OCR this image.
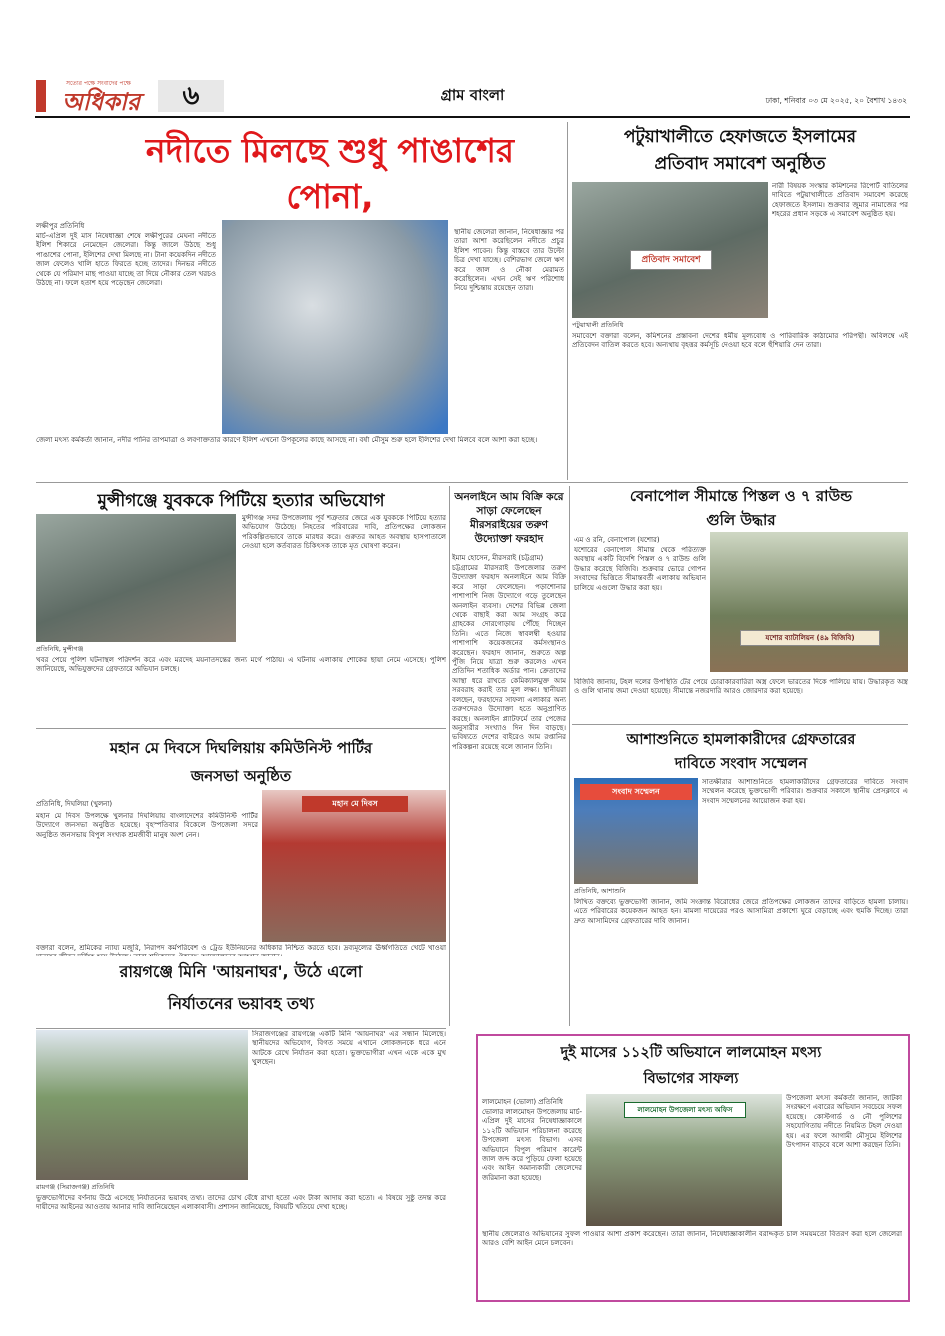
সত্যের পক্ষে সংবাদের পক্ষে
অধিকার	৬	গ্রাম বাংলা	ঢাকা, শনিবার ০৩ মে ২০২৫, ২০ বৈশাখ ১৪৩২
নদীতে মিলছে শুধু পাঙাশের পোনা,
লক্ষীপুর প্রতিনিধি
মার্চ-এপ্রিল দুই মাস নিষেধাজ্ঞা শেষে লক্ষীপুরের মেঘনা নদীতে ইলিশ শিকারে নেমেছেন জেলেরা। কিন্তু জালে উঠছে শুধু পাঙাশের পোনা, ইলিশের দেখা মিলছে না। টানা কয়েকদিন নদীতে জাল ফেলেও খালি হাতে ফিরতে হচ্ছে তাদের। দিনভর নদীতে থেকে যে পরিমাণ মাছ পাওয়া যাচ্ছে তা দিয়ে নৌকার তেল খরচও উঠছে না। ফলে হতাশ হয়ে পড়েছেন জেলেরা।
স্থানীয় জেলেরা জানান, নিষেধাজ্ঞার পর তারা আশা করেছিলেন নদীতে প্রচুর ইলিশ পাবেন। কিন্তু বাস্তবে তার উল্টো চিত্র দেখা যাচ্ছে। বেশিরভাগ জেলে ঋণ করে জাল ও নৌকা মেরামত করেছিলেন। এখন সেই ঋণ পরিশোধ নিয়ে দুশ্চিন্তায় রয়েছেন তারা।
জেলা মৎস্য কর্মকর্তা জানান, নদীর পানির তাপমাত্রা ও লবণাক্ততার কারণে ইলিশ এখনো উপকূলের কাছে আসছে না। বর্ষা মৌসুম শুরু হলে ইলিশের দেখা মিলবে বলে আশা করা হচ্ছে।
পটুয়াখালীতে হেফাজতে ইসলামের
প্রতিবাদ সমাবেশ অনুষ্ঠিত
প্রতিবাদ সমাবেশ
পটুয়াখালী প্রতিনিধি
নারী বিষয়ক সংস্কার কমিশনের রিপোর্ট বাতিলের দাবিতে পটুয়াখালীতে প্রতিবাদ সমাবেশ করেছে হেফাজতে ইসলাম। শুক্রবার জুমার নামাজের পর শহরের প্রধান সড়কে এ সমাবেশ অনুষ্ঠিত হয়।
সমাবেশে বক্তারা বলেন, কমিশনের প্রস্তাবনা দেশের ধর্মীয় মূল্যবোধ ও পারিবারিক কাঠামোর পরিপন্থী। অবিলম্বে এই প্রতিবেদন বাতিল করতে হবে। অন্যথায় বৃহত্তর কর্মসূচি দেওয়া হবে বলে হুঁশিয়ারি দেন তারা।
মুন্সীগঞ্জে যুবককে পিটিয়ে হত্যার অভিযোগ
প্রতিনিধি, মুন্সীগঞ্জ
মুন্সীগঞ্জ সদর উপজেলায় পূর্ব শত্রুতার জেরে এক যুবককে পিটিয়ে হত্যার অভিযোগ উঠেছে। নিহতের পরিবারের দাবি, প্রতিপক্ষের লোকজন পরিকল্পিতভাবে তাকে মারধর করে। গুরুতর আহত অবস্থায় হাসপাতালে নেওয়া হলে কর্তব্যরত চিকিৎসক তাকে মৃত ঘোষণা করেন।
খবর পেয়ে পুলিশ ঘটনাস্থল পরিদর্শন করে এবং মরদেহ ময়নাতদন্তের জন্য মর্গে পাঠায়। এ ঘটনায় এলাকায় শোকের ছায়া নেমে এসেছে। পুলিশ জানিয়েছে, অভিযুক্তদের গ্রেফতারে অভিযান চলছে।
অনলাইনে আম বিক্রি করে সাড়া ফেলেছেন মীরসরাইয়ের তরুণ উদ্যোক্তা ফরহাদ
ইমাম হোসেন, মীরসরাই (চট্টগ্রাম)
চট্টগ্রামের মীরসরাই উপজেলার তরুণ উদ্যোক্তা ফরহাদ অনলাইনে আম বিক্রি করে সাড়া ফেলেছেন। পড়াশোনার পাশাপাশি নিজ উদ্যোগে গড়ে তুলেছেন অনলাইন ব্যবসা। দেশের বিভিন্ন জেলা থেকে বাছাই করা আম সংগ্রহ করে গ্রাহকের দোরগোড়ায় পৌঁছে দিচ্ছেন তিনি। এতে নিজে স্বাবলম্বী হওয়ার পাশাপাশি কয়েকজনের কর্মসংস্থানও করেছেন। ফরহাদ জানান, শুরুতে অল্প পুঁজি নিয়ে যাত্রা শুরু করলেও এখন প্রতিদিন শতাধিক অর্ডার পান। ক্রেতাদের আস্থা ধরে রাখতে কেমিক্যালমুক্ত আম সরবরাহ করাই তার মূল লক্ষ্য। স্থানীয়রা বলছেন, ফরহাদের সাফল্য এলাকার অন্য তরুণদেরও উদ্যোক্তা হতে অনুপ্রাণিত করছে। অনলাইন প্ল্যাটফর্মে তার পেজের অনুসারীর সংখ্যাও দিন দিন বাড়ছে। ভবিষ্যতে দেশের বাইরেও আম রপ্তানির পরিকল্পনা রয়েছে বলে জানান তিনি।
বেনাপোল সীমান্তে পিস্তল ও ৭ রাউন্ড
গুলি উদ্ধার
এম ও রনি, বেনাপোল (যশোর)
যশোরের বেনাপোল সীমান্ত থেকে পরিত্যক্ত অবস্থায় একটি বিদেশি পিস্তল ও ৭ রাউন্ড গুলি উদ্ধার করেছে বিজিবি। শুক্রবার ভোরে গোপন সংবাদের ভিত্তিতে সীমান্তবর্তী এলাকায় অভিযান চালিয়ে এগুলো উদ্ধার করা হয়।
যশোর ব্যাটালিয়ন (৪৯ বিজিবি)
বিজিবি জানায়, টহল দলের উপস্থিতি টের পেয়ে চোরাকারবারিরা অস্ত্র ফেলে ভারতের দিকে পালিয়ে যায়। উদ্ধারকৃত অস্ত্র ও গুলি থানায় জমা দেওয়া হয়েছে। সীমান্তে নজরদারি আরও জোরদার করা হয়েছে।
মহান মে দিবসে দিঘলিয়ায় কমিউনিস্ট পার্টির
জনসভা অনুষ্ঠিত
প্রতিনিধি, দিঘলিয়া (খুলনা)
মহান মে দিবস উপলক্ষে খুলনার দিঘলিয়ায় বাংলাদেশের কমিউনিস্ট পার্টির উদ্যোগে জনসভা অনুষ্ঠিত হয়েছে। বৃহস্পতিবার বিকেলে উপজেলা সদরে অনুষ্ঠিত জনসভায় বিপুল সংখ্যক শ্রমজীবী মানুষ অংশ নেন।
মহান মে দিবস
বক্তারা বলেন, শ্রমিকের ন্যায্য মজুরি, নিরাপদ কর্মপরিবেশ ও ট্রেড ইউনিয়নের অধিকার নিশ্চিত করতে হবে। দ্রব্যমূল্যের ঊর্ধ্বগতিতে খেটে খাওয়া
আশাশুনিতে হামলাকারীদের গ্রেফতারের
দাবিতে সংবাদ সম্মেলন
সংবাদ সম্মেলন
প্রতিনিধি, আশাশুনি
সাতক্ষীরার আশাশুনিতে হামলাকারীদের গ্রেফতারের দাবিতে সংবাদ সম্মেলন করেছে ভুক্তভোগী পরিবার। শুক্রবার সকালে স্থানীয় প্রেসক্লাবে এ সংবাদ সম্মেলনের আয়োজন করা হয়।
লিখিত বক্তব্যে ভুক্তভোগী জানান, জমি সংক্রান্ত বিরোধের জেরে প্রতিপক্ষের লোকজন তাদের বাড়িতে হামলা চালায়। এতে পরিবারের কয়েকজন আহত হন। মামলা দায়েরের পরও আসামিরা প্রকাশ্যে ঘুরে বেড়াচ্ছে এবং হুমকি দিচ্ছে। তারা দ্রুত আসামিদের গ্রেফতারের দাবি জানান।
রায়গঞ্জে মিনি 'আয়নাঘর', উঠে এলো
নির্যাতনের ভয়াবহ তথ্য
রায়গঞ্জ (সিরাজগঞ্জ) প্রতিনিধি
সিরাজগঞ্জের রায়গঞ্জে একটি মিনি 'আয়নাঘর' এর সন্ধান মিলেছে। স্থানীয়দের অভিযোগ, বিগত সময়ে এখানে লোকজনকে ধরে এনে আটকে রেখে নির্যাতন করা হতো। ভুক্তভোগীরা এখন একে একে মুখ খুলছেন।
ভুক্তভোগীদের বর্ণনায় উঠে এসেছে নির্যাতনের ভয়াবহ তথ্য। তাদের চোখ বেঁধে রাখা হতো এবং টাকা আদায় করা হতো। এ বিষয়ে সুষ্ঠু তদন্ত করে দায়ীদের আইনের আওতায় আনার দাবি জানিয়েছেন এলাকাবাসী। প্রশাসন জানিয়েছে, বিষয়টি খতিয়ে দেখা হচ্ছে।
দুই মাসের ১১২টি অভিযানে লালমোহন মৎস্য
বিভাগের সাফল্য
লালমোহন (ভোলা) প্রতিনিধি
ভোলার লালমোহন উপজেলায় মার্চ-এপ্রিল দুই মাসের নিষেধাজ্ঞাকালে ১১২টি অভিযান পরিচালনা করেছে উপজেলা মৎস্য বিভাগ। এসব অভিযানে বিপুল পরিমাণ কারেন্ট জাল জব্দ করে পুড়িয়ে ফেলা হয়েছে এবং আইন অমান্যকারী জেলেদের জরিমানা করা হয়েছে।
লালমোহন উপজেলা মৎস্য অফিস
উপজেলা মৎস্য কর্মকর্তা জানান, জাটকা সংরক্ষণে এবারের অভিযান সবচেয়ে সফল হয়েছে। কোস্টগার্ড ও নৌ পুলিশের সহযোগিতায় নদীতে নিয়মিত টহল দেওয়া হয়। এর ফলে আগামী মৌসুমে ইলিশের উৎপাদন বাড়বে বলে আশা করছেন তিনি।
স্থানীয় জেলেরাও অভিযানের সুফল পাওয়ার আশা প্রকাশ করেছেন। তারা জানান, নিষেধাজ্ঞাকালীন বরাদ্দকৃত চাল সময়মতো বিতরণ করা হলে জেলেরা আরও বেশি আইন মেনে চলবেন।
